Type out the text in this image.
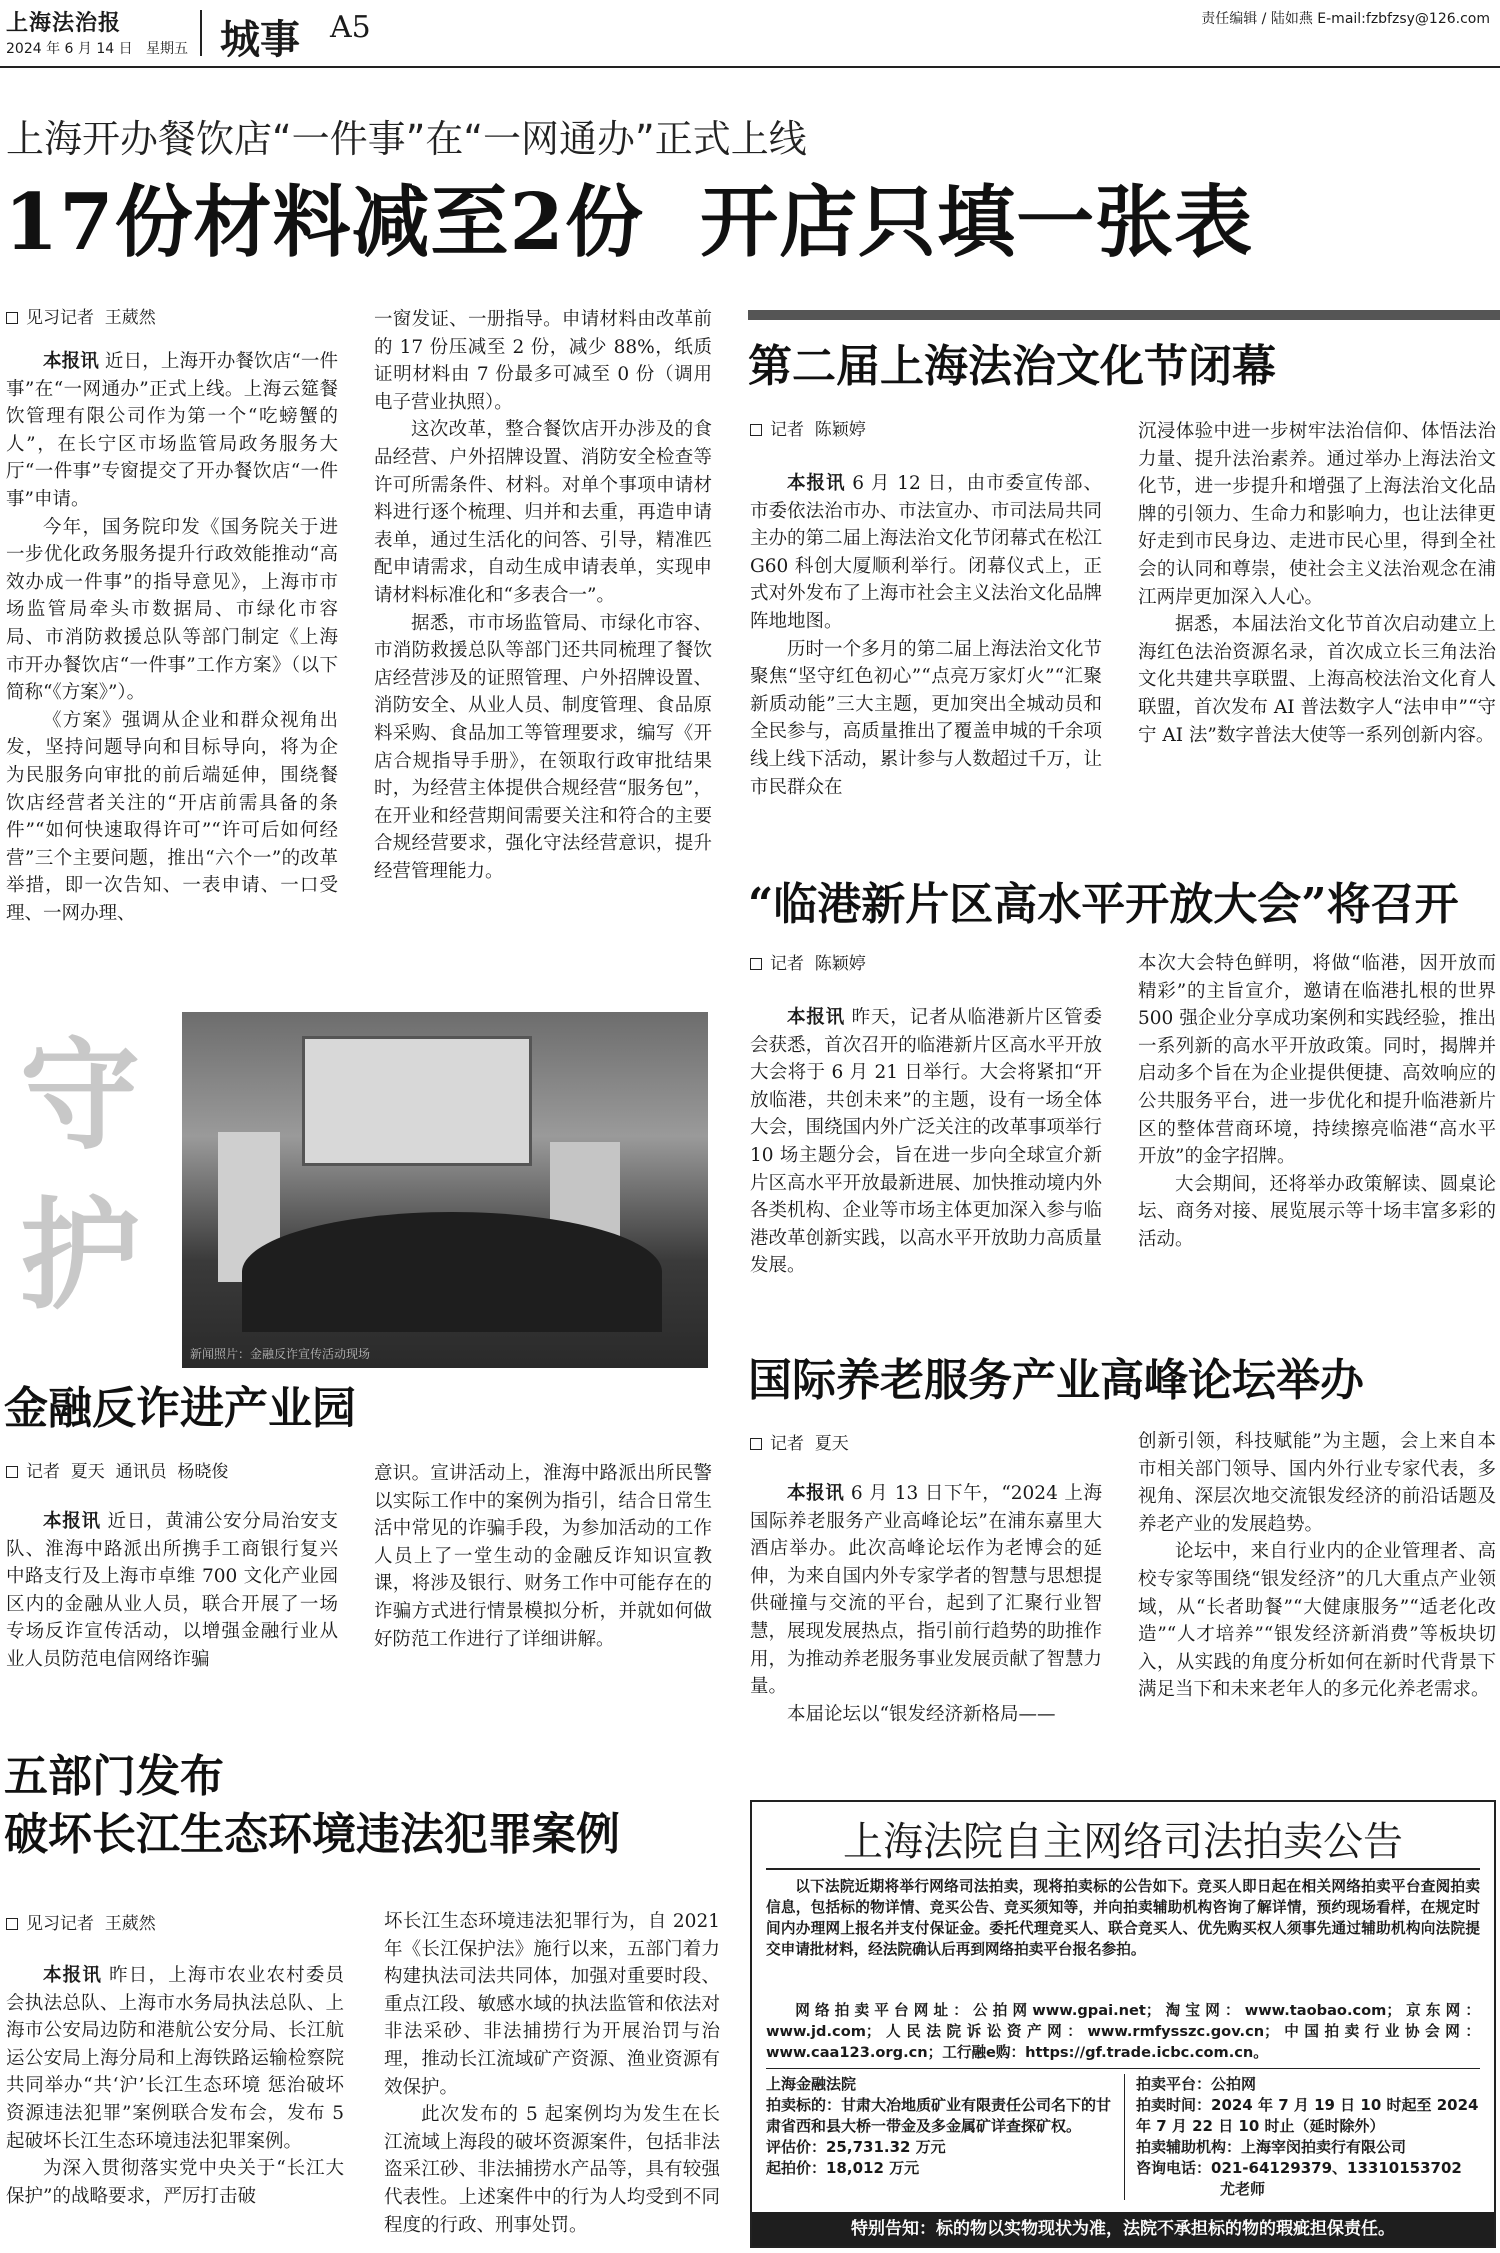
上海法治报
2024 年 6 月 14 日   星期五 城事 A5	责任编辑 / 陆如燕 E-mail:fzbfzsy@126.com
上海开办餐饮店“一件事”在“一网通办”正式上线
17份材料减至2份  开店只填一张表
见习记者  王葳然

本报讯 近日，上海开办餐饮店“一件事”在“一网通办”正式上线。上海云筵餐饮管理有限公司作为第一个“吃螃蟹的人”，在长宁区市场监管局政务服务大厅“一件事”专窗提交了开办餐饮店“一件事”申请。

今年，国务院印发《国务院关于进一步优化政务服务提升行政效能推动“高效办成一件事”的指导意见》，上海市市场监管局牵头市数据局、市绿化市容局、市消防救援总队等部门制定《上海市开办餐饮店“一件事”工作方案》（以下简称“《方案》”）。

《方案》强调从企业和群众视角出发，坚持问题导向和目标导向，将为企为民服务向审批的前后端延伸，围绕餐饮店经营者关注的“开店前需具备的条件”“如何快速取得许可”“许可后如何经营”三个主要问题，推出“六个一”的改革举措，即一次告知、一表申请、一口受理、一网办理、

一窗发证、一册指导。申请材料由改革前的 17 份压减至 2 份，减少 88%，纸质证明材料由 7 份最多可减至 0 份（调用电子营业执照）。

这次改革，整合餐饮店开办涉及的食品经营、户外招牌设置、消防安全检查等许可所需条件、材料。对单个事项申请材料进行逐个梳理、归并和去重，再造申请表单，通过生活化的问答、引导，精准匹配申请需求，自动生成申请表单，实现申请材料标准化和“多表合一”。

据悉，市市场监管局、市绿化市容、市消防救援总队等部门还共同梳理了餐饮店经营涉及的证照管理、户外招牌设置、消防安全、从业人员、制度管理、食品原料采购、食品加工等管理要求，编写《开店合规指导手册》，在领取行政审批结果时，为经营主体提供合规经营“服务包”，在开业和经营期间需要关注和符合的主要合规经营要求，强化守法经营意识，提升经营管理能力。

第二届上海法治文化节闭幕
记者  陈颖婷

本报讯 6 月 12 日，由市委宣传部、市委依法治市办、市法宣办、市司法局共同主办的第二届上海法治文化节闭幕式在松江 G60 科创大厦顺利举行。闭幕仪式上，正式对外发布了上海市社会主义法治文化品牌阵地地图。

历时一个多月的第二届上海法治文化节聚焦“坚守红色初心”“点亮万家灯火”“汇聚新质动能”三大主题，更加突出全城动员和全民参与，高质量推出了覆盖申城的千余项线上线下活动，累计参与人数超过千万，让市民群众在

沉浸体验中进一步树牢法治信仰、体悟法治力量、提升法治素养。通过举办上海法治文化节，进一步提升和增强了上海法治文化品牌的引领力、生命力和影响力，也让法律更好走到市民身边、走进市民心里，得到全社会的认同和尊崇，使社会主义法治观念在浦江两岸更加深入人心。

据悉，本届法治文化节首次启动建立上海红色法治资源名录，首次成立长三角法治文化共建共享联盟、上海高校法治文化育人联盟，首次发布 AI 普法数字人“法申申”“守宁 AI 法”数字普法大使等一系列创新内容。

“临港新片区高水平开放大会”将召开
记者  陈颖婷

本报讯 昨天，记者从临港新片区管委会获悉，首次召开的临港新片区高水平开放大会将于 6 月 21 日举行。大会将紧扣“开放临港，共创未来”的主题，设有一场全体大会，围绕国内外广泛关注的改革事项举行 10 场主题分会，旨在进一步向全球宣介新片区高水平开放最新进展、加快推动境内外各类机构、企业等市场主体更加深入参与临港改革创新实践，以高水平开放助力高质量发展。

本次大会特色鲜明，将做“临港，因开放而精彩”的主旨宣介，邀请在临港扎根的世界 500 强企业分享成功案例和实践经验，推出一系列新的高水平开放政策。同时，揭牌并启动多个旨在为企业提供便捷、高效响应的公共服务平台，进一步优化和提升临港新片区的整体营商环境，持续擦亮临港“高水平开放”的金字招牌。

大会期间，还将举办政策解读、圆桌论坛、商务对接、展览展示等十场丰富多彩的活动。

守
护
新闻照片：金融反诈宣传活动现场
金融反诈进产业园
记者  夏天  通讯员  杨晓俊

本报讯 近日，黄浦公安分局治安支队、淮海中路派出所携手工商银行复兴中路支行及上海市卓维 700 文化产业园区内的金融从业人员，联合开展了一场专场反诈宣传活动，以增强金融行业从业人员防范电信网络诈骗

意识。宣讲活动上，淮海中路派出所民警以实际工作中的案例为指引，结合日常生活中常见的诈骗手段，为参加活动的工作人员上了一堂生动的金融反诈知识宣教课，将涉及银行、财务工作中可能存在的诈骗方式进行情景模拟分析，并就如何做好防范工作进行了详细讲解。

国际养老服务产业高峰论坛举办
记者  夏天

本报讯 6 月 13 日下午，“2024 上海国际养老服务产业高峰论坛”在浦东嘉里大酒店举办。此次高峰论坛作为老博会的延伸，为来自国内外专家学者的智慧与思想提供碰撞与交流的平台，起到了汇聚行业智慧，展现发展热点，指引前行趋势的助推作用，为推动养老服务事业发展贡献了智慧力量。

本届论坛以“银发经济新格局——

创新引领，科技赋能”为主题，会上来自本市相关部门领导、国内外行业专家代表，多视角、深层次地交流银发经济的前沿话题及养老产业的发展趋势。

论坛中，来自行业内的企业管理者、高校专家等围绕“银发经济”的几大重点产业领域，从“长者助餐”“大健康服务”“适老化改造”“人才培养”“银发经济新消费”等板块切入，从实践的角度分析如何在新时代背景下满足当下和未来老年人的多元化养老需求。

五部门发布
破坏长江生态环境违法犯罪案例
见习记者  王葳然

本报讯 昨日，上海市农业农村委员会执法总队、上海市水务局执法总队、上海市公安局边防和港航公安分局、长江航运公安局上海分局和上海铁路运输检察院共同举办“共‘沪’长江生态环境 惩治破坏资源违法犯罪”案例联合发布会，发布 5 起破坏长江生态环境违法犯罪案例。

为深入贯彻落实党中央关于“长江大保护”的战略要求，严厉打击破

坏长江生态环境违法犯罪行为，自 2021 年《长江保护法》施行以来，五部门着力构建执法司法共同体，加强对重要时段、重点江段、敏感水域的执法监管和依法对非法采砂、非法捕捞行为开展治罚与治理，推动长江流域矿产资源、渔业资源有效保护。

此次发布的 5 起案例均为发生在长江流域上海段的破坏资源案件，包括非法盗采江砂、非法捕捞水产品等，具有较强代表性。上述案件中的行为人均受到不同程度的行政、刑事处罚。

上海法院自主网络司法拍卖公告
以下法院近期将举行网络司法拍卖，现将拍卖标的公告如下。竞买人即日起在相关网络拍卖平台查阅拍卖信息，包括标的物详情、竞买公告、竞买须知等，并向拍卖辅助机构咨询了解详情，预约现场看样，在规定时间内办理网上报名并支付保证金。委托代理竞买人、联合竞买人、优先购买权人须事先通过辅助机构向法院提交申请批材料，经法院确认后再到网络拍卖平台报名参拍。
网络拍卖平台网址：公拍网www.gpai.net；淘宝网：www.taobao.com；京东网：www.jd.com；人民法院诉讼资产网：www.rmfysszc.gov.cn；中国拍卖行业协会网：www.caa123.org.cn；工行融e购：https://gf.trade.icbc.com.cn。
上海金融法院
拍卖标的：甘肃大冶地质矿业有限责任公司名下的甘肃省西和县大桥一带金及多金属矿详查探矿权。
评估价：25,731.32 万元
起拍价：18,012 万元
拍卖平台：公拍网
拍卖时间：2024 年 7 月 19 日 10 时起至 2024 年 7 月 22 日 10 时止（延时除外）
拍卖辅助机构：上海宰闵拍卖行有限公司
咨询电话：021-64129379、13310153702
尤老师
特别告知：标的物以实物现状为准，法院不承担标的物的瑕疵担保责任。
